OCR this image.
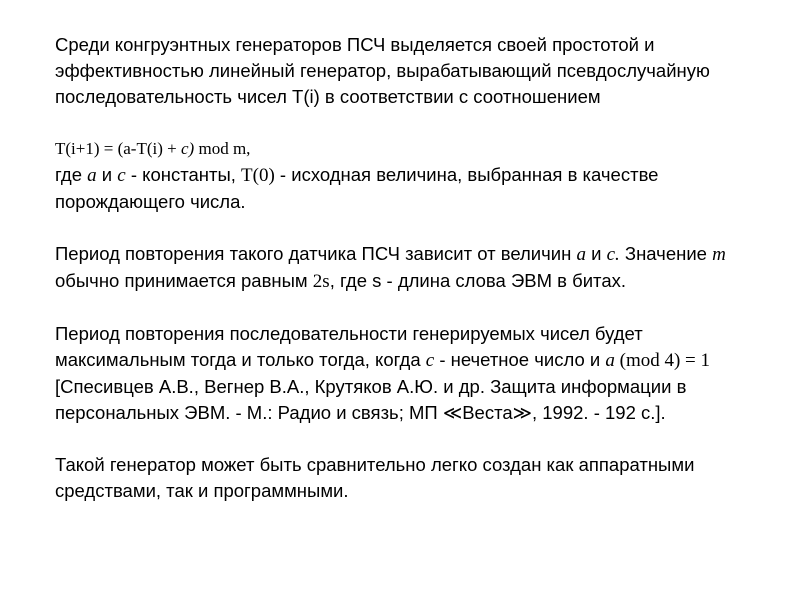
Среди конгруэнтных генераторов ПСЧ выделяется своей простотой и эффективностью линейный генератор, вырабатывающий псевдослучайную последовательность чисел T(i) в соответствии с соотношением

T(i+1) = (a-T(i) + c) mod m,

где a и c - константы, T(0) - исходная величина, выбранная в качестве порождающего числа.

Период повторения такого датчика ПСЧ зависит от величин a и c. Значение m обычно принимается равным 2s, где s - длина слова ЭВМ в битах.

Период повторения последовательности генерируемых чисел будет максимальным тогда и только тогда, когда c - нечетное число и a (mod 4) = 1 [Спесивцев А.В., Вегнер В.А., Крутяков А.Ю. и др. Защита информации в персональных ЭВМ. - М.: Радио и связь; МП ≪Веста≫, 1992. - 192 с.].

Такой генератор может быть сравнительно легко создан как аппаратными средствами, так и программными.
